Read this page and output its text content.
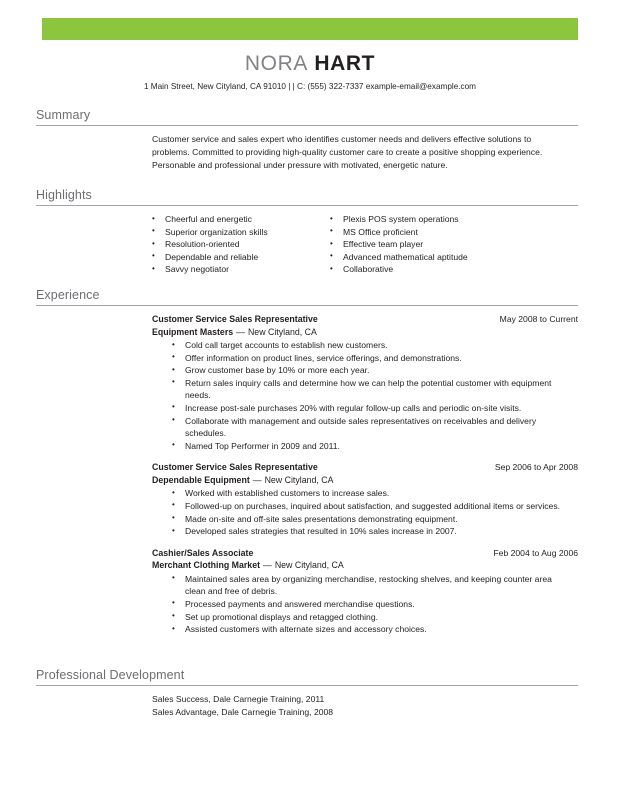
NORA HART
1 Main Street, New Cityland, CA 91010 | | C: (555) 322-7337 example-email@example.com
Summary
Customer service and sales expert who identifies customer needs and delivers effective solutions to problems. Committed to providing high-quality customer care to create a positive shopping experience. Personable and professional under pressure with motivated, energetic nature.
Highlights
• Cheerful and energetic
• Superior organization skills
• Resolution-oriented
• Dependable and reliable
• Savvy negotiator
• Plexis POS system operations
• MS Office proficient
• Effective team player
• Advanced mathematical aptitude
• Collaborative
Experience
Customer Service Sales Representative	May 2008 to Current
Equipment Masters — New Cityland, CA
• Cold call target accounts to establish new customers.
• Offer information on product lines, service offerings, and demonstrations.
• Grow customer base by 10% or more each year.
• Return sales inquiry calls and determine how we can help the potential customer with equipment needs.
• Increase post-sale purchases 20% with regular follow-up calls and periodic on-site visits.
• Collaborate with management and outside sales representatives on receivables and delivery schedules.
• Named Top Performer in 2009 and 2011.
Customer Service Sales Representative	Sep 2006 to Apr 2008
Dependable Equipment — New Cityland, CA
• Worked with established customers to increase sales.
• Followed-up on purchases, inquired about satisfaction, and suggested additional items or services.
• Made on-site and off-site sales presentations demonstrating equipment.
• Developed sales strategies that resulted in 10% sales increase in 2007.
Cashier/Sales Associate	Feb 2004 to Aug 2006
Merchant Clothing Market — New Cityland, CA
• Maintained sales area by organizing merchandise, restocking shelves, and keeping counter area clean and free of debris.
• Processed payments and answered merchandise questions.
• Set up promotional displays and retagged clothing.
• Assisted customers with alternate sizes and accessory choices.
Professional Development
Sales Success, Dale Carnegie Training, 2011
Sales Advantage, Dale Carnegie Training, 2008
